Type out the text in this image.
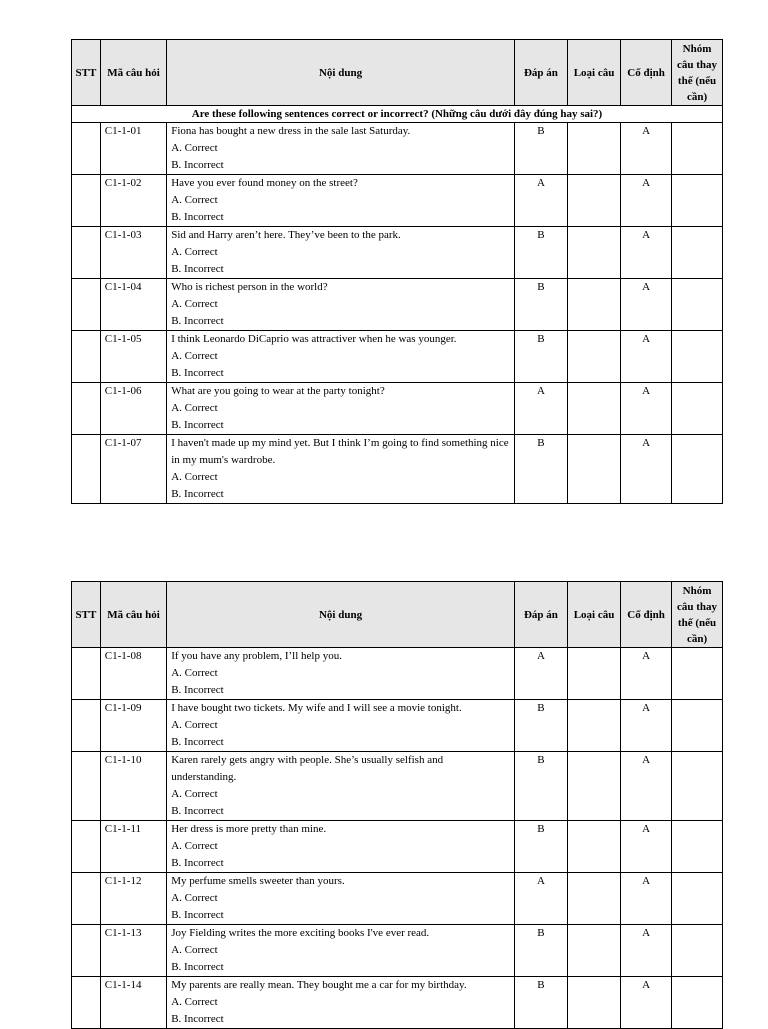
STT	Mã câu hỏi	Nội dung	Đáp án	Loại câu	Cố định	Nhóm câu thay thế (nếu cần)
Are these following sentences correct or incorrect? (Những câu dưới đây đúng hay sai?)						
	C1-1-01	Fiona has bought a new dress in the sale last Saturday.
A. Correct
B. Incorrect	B		A	
	C1-1-02	Have you ever found money on the street?
A. Correct
B. Incorrect	A		A	
	C1-1-03	Sid and Harry aren’t here. They’ve been to the park.
A. Correct
B. Incorrect	B		A	
	C1-1-04	Who is richest person in the world?
A. Correct
B. Incorrect	B		A	
	C1-1-05	I think Leonardo DiCaprio was attractiver when he was younger.
A. Correct
B. Incorrect	B		A	
	C1-1-06	What are you going to wear at the party tonight?
A. Correct
B. Incorrect	A		A	
	C1-1-07	I haven't made up my mind yet. But I think I’m going to find something nice in my mum's wardrobe.
A. Correct
B. Incorrect	B		A	
STT	Mã câu hỏi	Nội dung	Đáp án	Loại câu	Cố định	Nhóm câu thay thế (nếu cần)
	C1-1-08	If you have any problem, I’ll help you.
A. Correct
B. Incorrect	A		A	
	C1-1-09	I have bought two tickets. My wife and I will see a movie tonight.
A. Correct
B. Incorrect	B		A	
	C1-1-10	Karen rarely gets angry with people. She’s usually selfish and understanding.
A. Correct
B. Incorrect	B		A	
	C1-1-11	Her dress is more pretty than mine.
A. Correct
B. Incorrect	B		A	
	C1-1-12	My perfume smells sweeter than yours.
A. Correct
B. Incorrect	A		A	
	C1-1-13	Joy Fielding writes the more exciting books I've ever read.
A. Correct
B. Incorrect	B		A	
	C1-1-14	My parents are really mean. They bought me a car for my birthday.
A. Correct
B. Incorrect	B		A	
